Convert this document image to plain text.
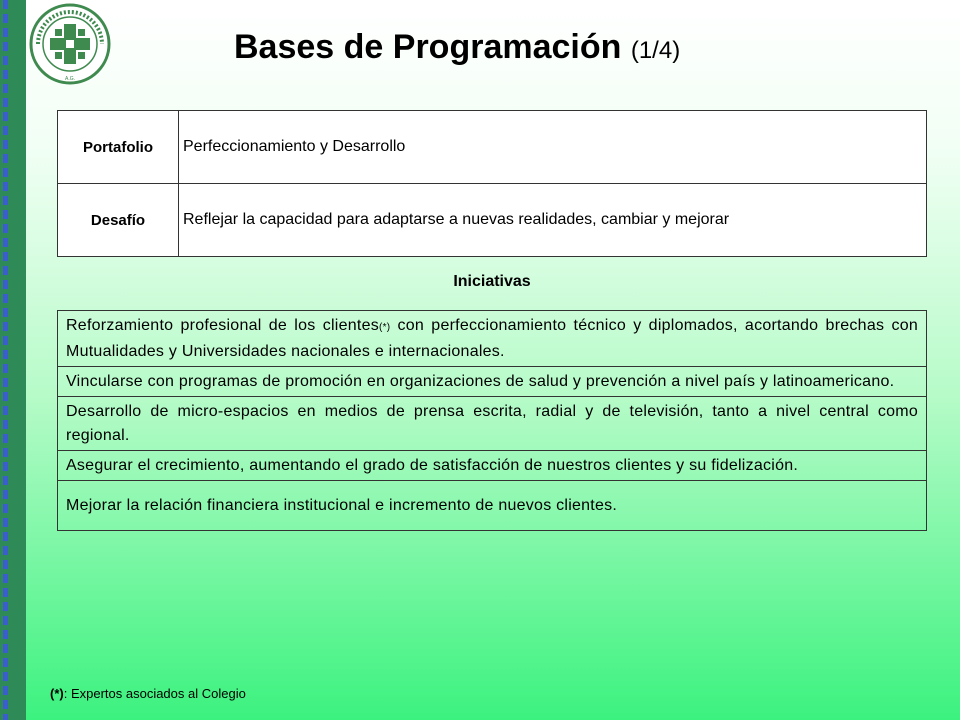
A.G.
Bases de Programación (1/4)
Portafolio	Perfeccionamiento y Desarrollo
Desafío	Reflejar la capacidad para adaptarse a nuevas realidades, cambiar y mejorar
Iniciativas
Reforzamiento profesional de los clientes(*) con perfeccionamiento técnico y diplomados, acortando brechas con Mutualidades y Universidades nacionales e internacionales.
Vincularse con programas de promoción en organizaciones de salud y prevención a nivel país y latinoamericano.
Desarrollo de micro-espacios en medios de prensa escrita, radial y de televisión, tanto a nivel central como regional.
Asegurar el crecimiento, aumentando el grado de satisfacción de nuestros clientes y su fidelización.
Mejorar la relación financiera institucional e incremento de nuevos clientes.
(*): Expertos asociados al Colegio
